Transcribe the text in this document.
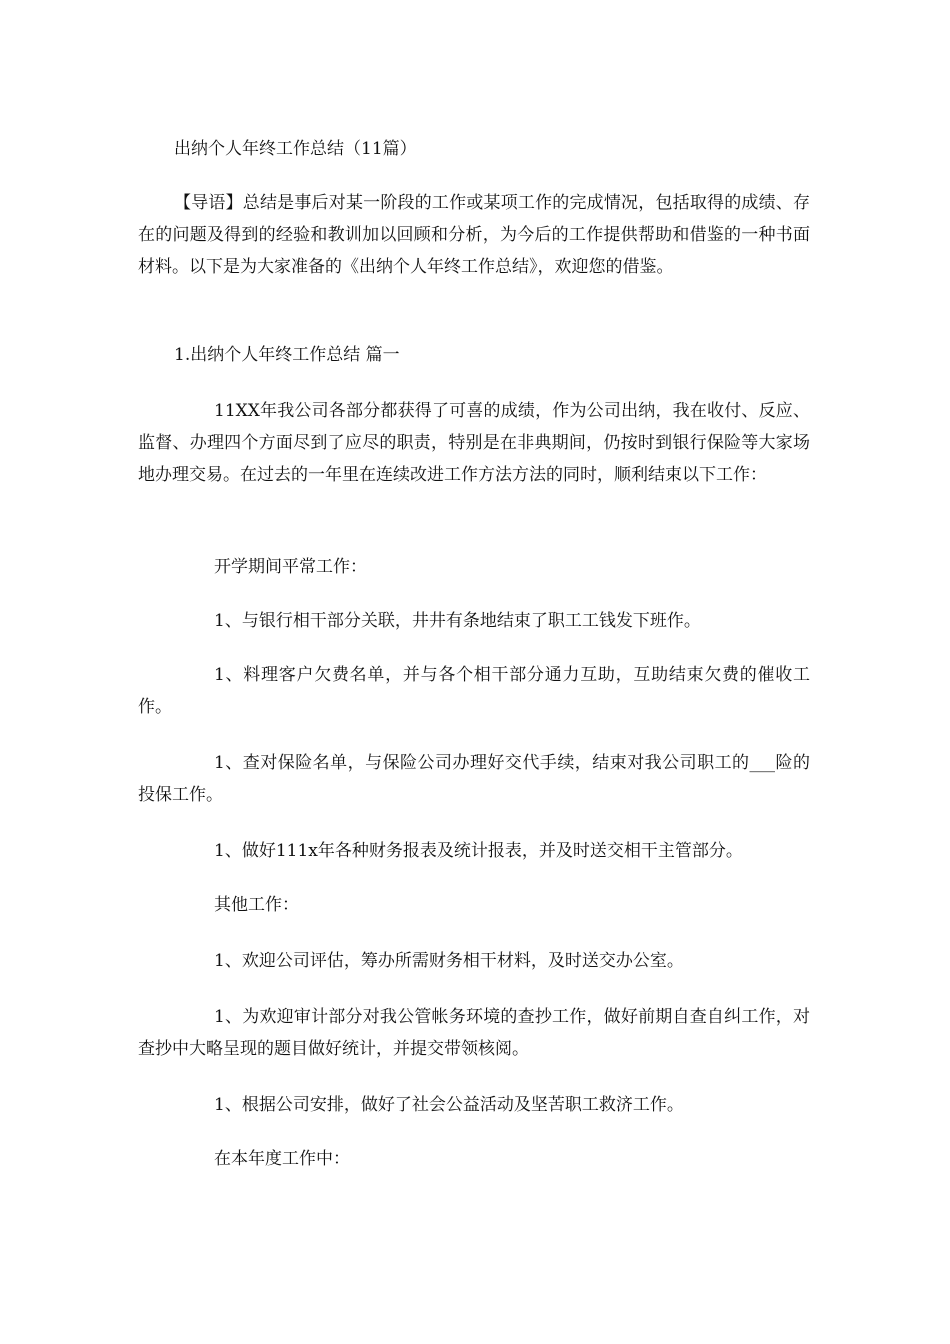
出纳个人年终工作总结（11篇）

【导语】总结是事后对某一阶段的工作或某项工作的完成情况，包括取得的成绩、存在的问题及得到的经验和教训加以回顾和分析，为今后的工作提供帮助和借鉴的一种书面材料。以下是为大家准备的《出纳个人年终工作总结》，欢迎您的借鉴。

1.出纳个人年终工作总结 篇一

11XX年我公司各部分都获得了可喜的成绩，作为公司出纳，我在收付、反应、监督、办理四个方面尽到了应尽的职责，特别是在非典期间，仍按时到银行保险等大家场地办理交易。在过去的一年里在连续改进工作方法方法的同时，顺利结束以下工作：

开学期间平常工作：

1、与银行相干部分关联，井井有条地结束了职工工钱发下班作。

1、料理客户欠费名单，并与各个相干部分通力互助，互助结束欠费的催收工作。

1、查对保险名单，与保险公司办理好交代手续，结束对我公司职工的___险的投保工作。

1、做好111x年各种财务报表及统计报表，并及时送交相干主管部分。

其他工作：

1、欢迎公司评估，筹办所需财务相干材料，及时送交办公室。

1、为欢迎审计部分对我公管帐务环境的查抄工作，做好前期自查自纠工作，对查抄中大略呈现的题目做好统计，并提交带领核阅。

1、根据公司安排，做好了社会公益活动及坚苦职工救济工作。

在本年度工作中：
